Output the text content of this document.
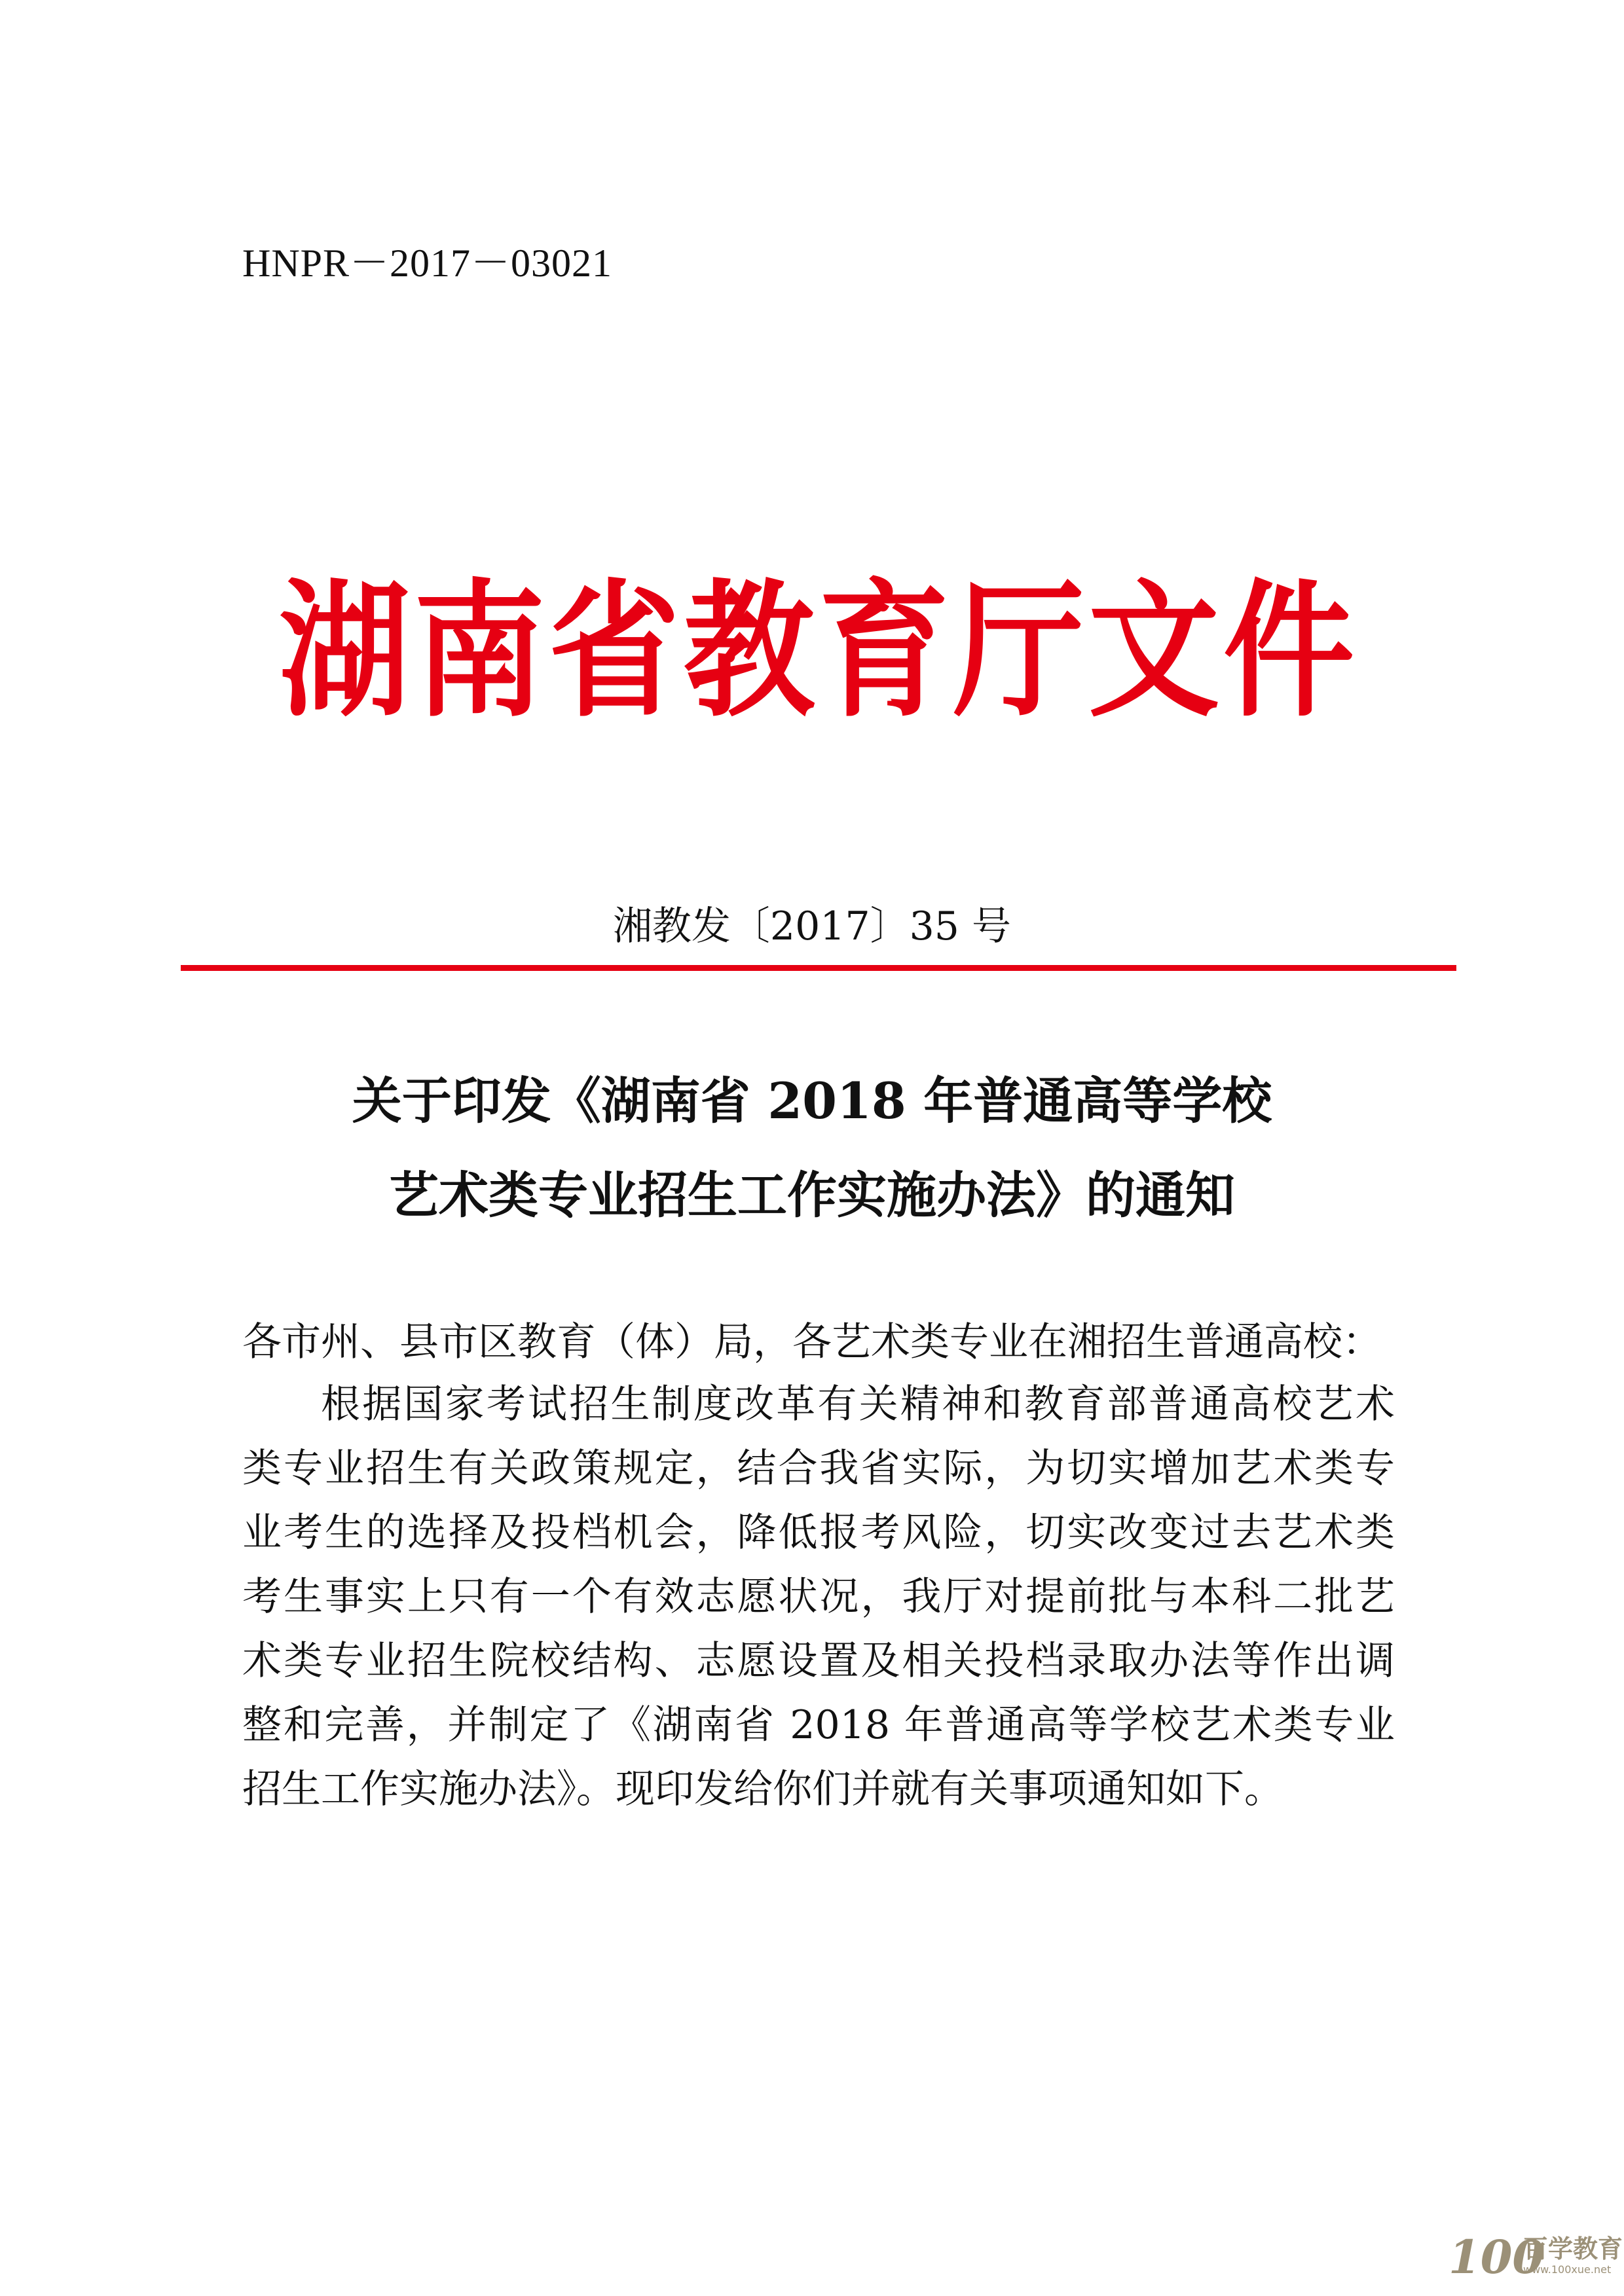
HNPR－2017－03021
湖南省教育厅文件
湘教发〔2017〕35 号
关于印发《湖南省 2018 年普通高等学校
艺术类专业招生工作实施办法》的通知
各市州、县市区教育（体）局，各艺术类专业在湘招生普通高校：
根据国家考试招生制度改革有关精神和教育部普通高校艺术
类专业招生有关政策规定，结合我省实际，为切实增加艺术类专
业考生的选择及投档机会，降低报考风险，切实改变过去艺术类
考生事实上只有一个有效志愿状况，我厅对提前批与本科二批艺
术类专业招生院校结构、志愿设置及相关投档录取办法等作出调
整和完善，并制定了《湖南省 2018 年普通高等学校艺术类专业
招生工作实施办法》。现印发给你们并就有关事项通知如下。
100
百学教育
www.100xue.net
